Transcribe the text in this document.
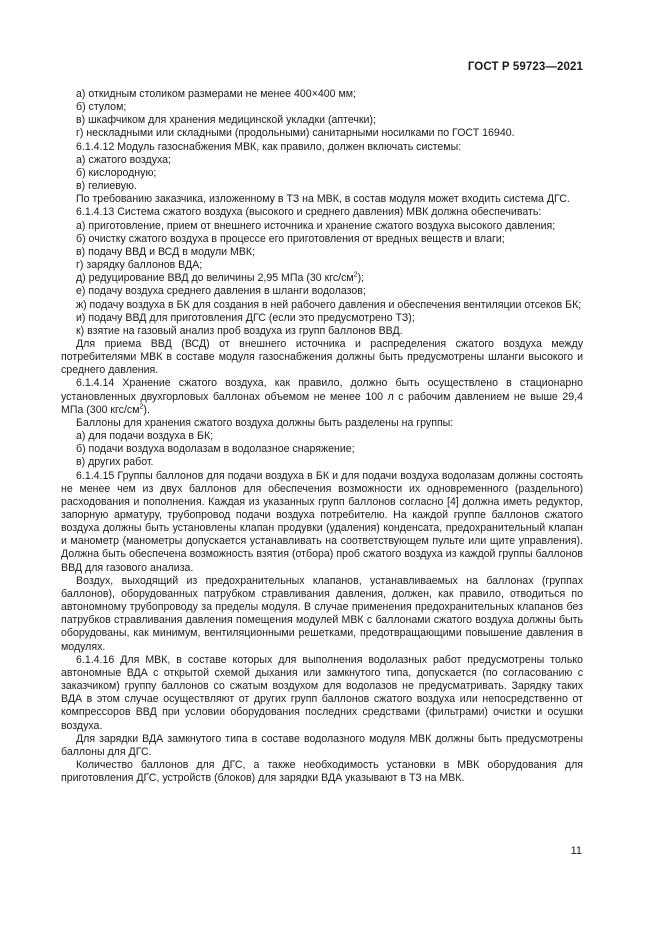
ГОСТ Р 59723—2021

а) откидным столиком размерами не менее 400×400 мм;

б) стулом;

в) шкафчиком для хранения медицинской укладки (аптечки);

г) нескладными или складными (продольными) санитарными носилками по ГОСТ 16940.

6.1.4.12 Модуль газоснабжения МВК, как правило, должен включать системы:

а) сжатого воздуха;

б) кислородную;

в) гелиевую.

По требованию заказчика, изложенному в ТЗ на МВК, в состав модуля может входить система ДГС.

6.1.4.13 Система сжатого воздуха (высокого и среднего давления) МВК должна обеспечивать:

а) приготовление, прием от внешнего источника и хранение сжатого воздуха высокого давления;

б) очистку сжатого воздуха в процессе его приготовления от вредных веществ и влаги;

в) подачу ВВД и ВСД в модули МВК;

г) зарядку баллонов ВДА;

д) редуцирование ВВД до величины 2,95 МПа (30 кгс/$см^2$);

е) подачу воздуха среднего давления в шланги водолазов;

ж) подачу воздуха в БК для создания в ней рабочего давления и обеспечения вентиляции отсеков БК;

и) подачу ВВД для приготовления ДГС (если это предусмотрено ТЗ);

к) взятие на газовый анализ проб воздуха из групп баллонов ВВД.

Для приема ВВД (ВСД) от внешнего источника и распределения сжатого воздуха между потребителями МВК в составе модуля газоснабжения должны быть предусмотрены шланги высокого и среднего давления.

6.1.4.14 Хранение сжатого воздуха, как правило, должно быть осуществлено в стационарно установленных двухгорловых баллонах объемом не менее 100 л с рабочим давлением не выше 29,4 МПа (300 кгс/$см^2$).

Баллоны для хранения сжатого воздуха должны быть разделены на группы:

а) для подачи воздуха в БК;

б) подачи воздуха водолазам в водолазное снаряжение;

в) других работ.

6.1.4.15 Группы баллонов для подачи воздуха в БК и для подачи воздуха водолазам должны состоять не менее чем из двух баллонов для обеспечения возможности их одновременного (раздельного) расходования и пополнения. Каждая из указанных групп баллонов согласно [4] должна иметь редуктор, запорную арматуру, трубопровод подачи воздуха потребителю. На каждой группе баллонов сжатого воздуха должны быть установлены клапан продувки (удаления) конденсата, предохранительный клапан и манометр (манометры допускается устанавливать на соответствующем пульте или щите управления). Должна быть обеспечена возможность взятия (отбора) проб сжатого воздуха из каждой группы баллонов ВВД для газового анализа.

Воздух, выходящий из предохранительных клапанов, устанавливаемых на баллонах (группах баллонов), оборудованных патрубком стравливания давления, должен, как правило, отводиться по автономному трубопроводу за пределы модуля. В случае применения предохранительных клапанов без патрубков стравливания давления помещения модулей МВК с баллонами сжатого воздуха должны быть оборудованы, как минимум, вентиляционными решетками, предотвращающими повышение давления в модулях.

6.1.4.16 Для МВК, в составе которых для выполнения водолазных работ предусмотрены только автономные ВДА с открытой схемой дыхания или замкнутого типа, допускается (по согласованию с заказчиком) группу баллонов со сжатым воздухом для водолазов не предусматривать. Зарядку таких ВДА в этом случае осуществляют от других групп баллонов сжатого воздуха или непосредственно от компрессоров ВВД при условии оборудования последних средствами (фильтрами) очистки и осушки воздуха.

Для зарядки ВДА замкнутого типа в составе водолазного модуля МВК должны быть предусмотрены баллоны для ДГС.

Количество баллонов для ДГС, а также необходимость установки в МВК оборудования для приготовления ДГС, устройств (блоков) для зарядки ВДА указывают в ТЗ на МВК.

11
